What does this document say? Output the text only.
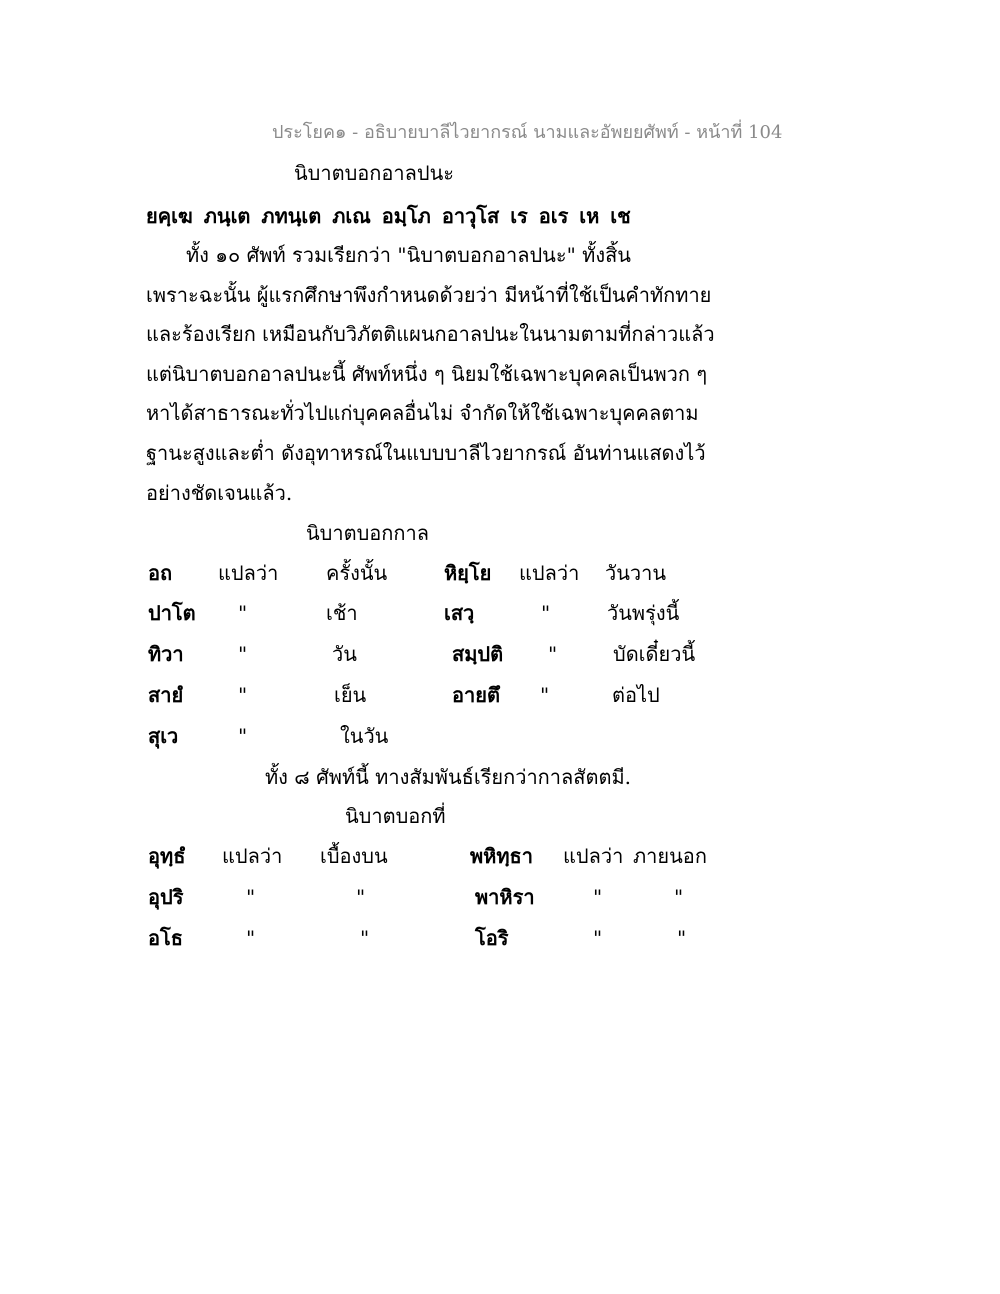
ประโยค๑ - อธิบายบาลีไวยากรณ์ นามและอัพยยศัพท์ - หน้าที่ 104
นิบาตบอกอาลปนะ
ยคฺเฆ ภนฺเต ภทนฺเต ภเณ อมฺโภ อาวุโส เร อเร เห เช
ทั้ง ๑๐ ศัพท์ รวมเรียกว่า "นิบาตบอกอาลปนะ" ทั้งสิ้น
เพราะฉะนั้น ผู้แรกศึกษาพึงกำหนดด้วยว่า มีหน้าที่ใช้เป็นคำทักทาย
และร้องเรียก เหมือนกับวิภัตติแผนกอาลปนะในนามตามที่กล่าวแล้ว
แต่นิบาตบอกอาลปนะนี้ ศัพท์หนึ่ง ๆ นิยมใช้เฉพาะบุคคลเป็นพวก ๆ
หาได้สาธารณะทั่วไปแก่บุคคลอื่นไม่ จำกัดให้ใช้เฉพาะบุคคลตาม
ฐานะสูงและต่ำ ดังอุทาหรณ์ในแบบบาลีไวยากรณ์ อันท่านแสดงไว้
อย่างชัดเจนแล้ว.
นิบาตบอกกาล
อถ แปลว่า ครั้งนั้น	หิยฺโย แปลว่า วันวาน
ปาโต "	เช้า	เสวฺ	"	วันพรุ่งนี้
ทิวา	"	วัน	สมฺปติ "	บัดเดี๋ยวนี้
สายํ	"	เย็น	อายตึ "	ต่อไป
สุเว	"	ในวัน
ทั้ง ๘ ศัพท์นี้ ทางสัมพันธ์เรียกว่ากาลสัตตมี.
นิบาตบอกที่
อุทฺธํ แปลว่า เบื้องบน	พหิทฺธา แปลว่า ภายนอก
อุปริ	"	"	พาหิรา	"	"
อโธ	"	"	โอริ	"	"
